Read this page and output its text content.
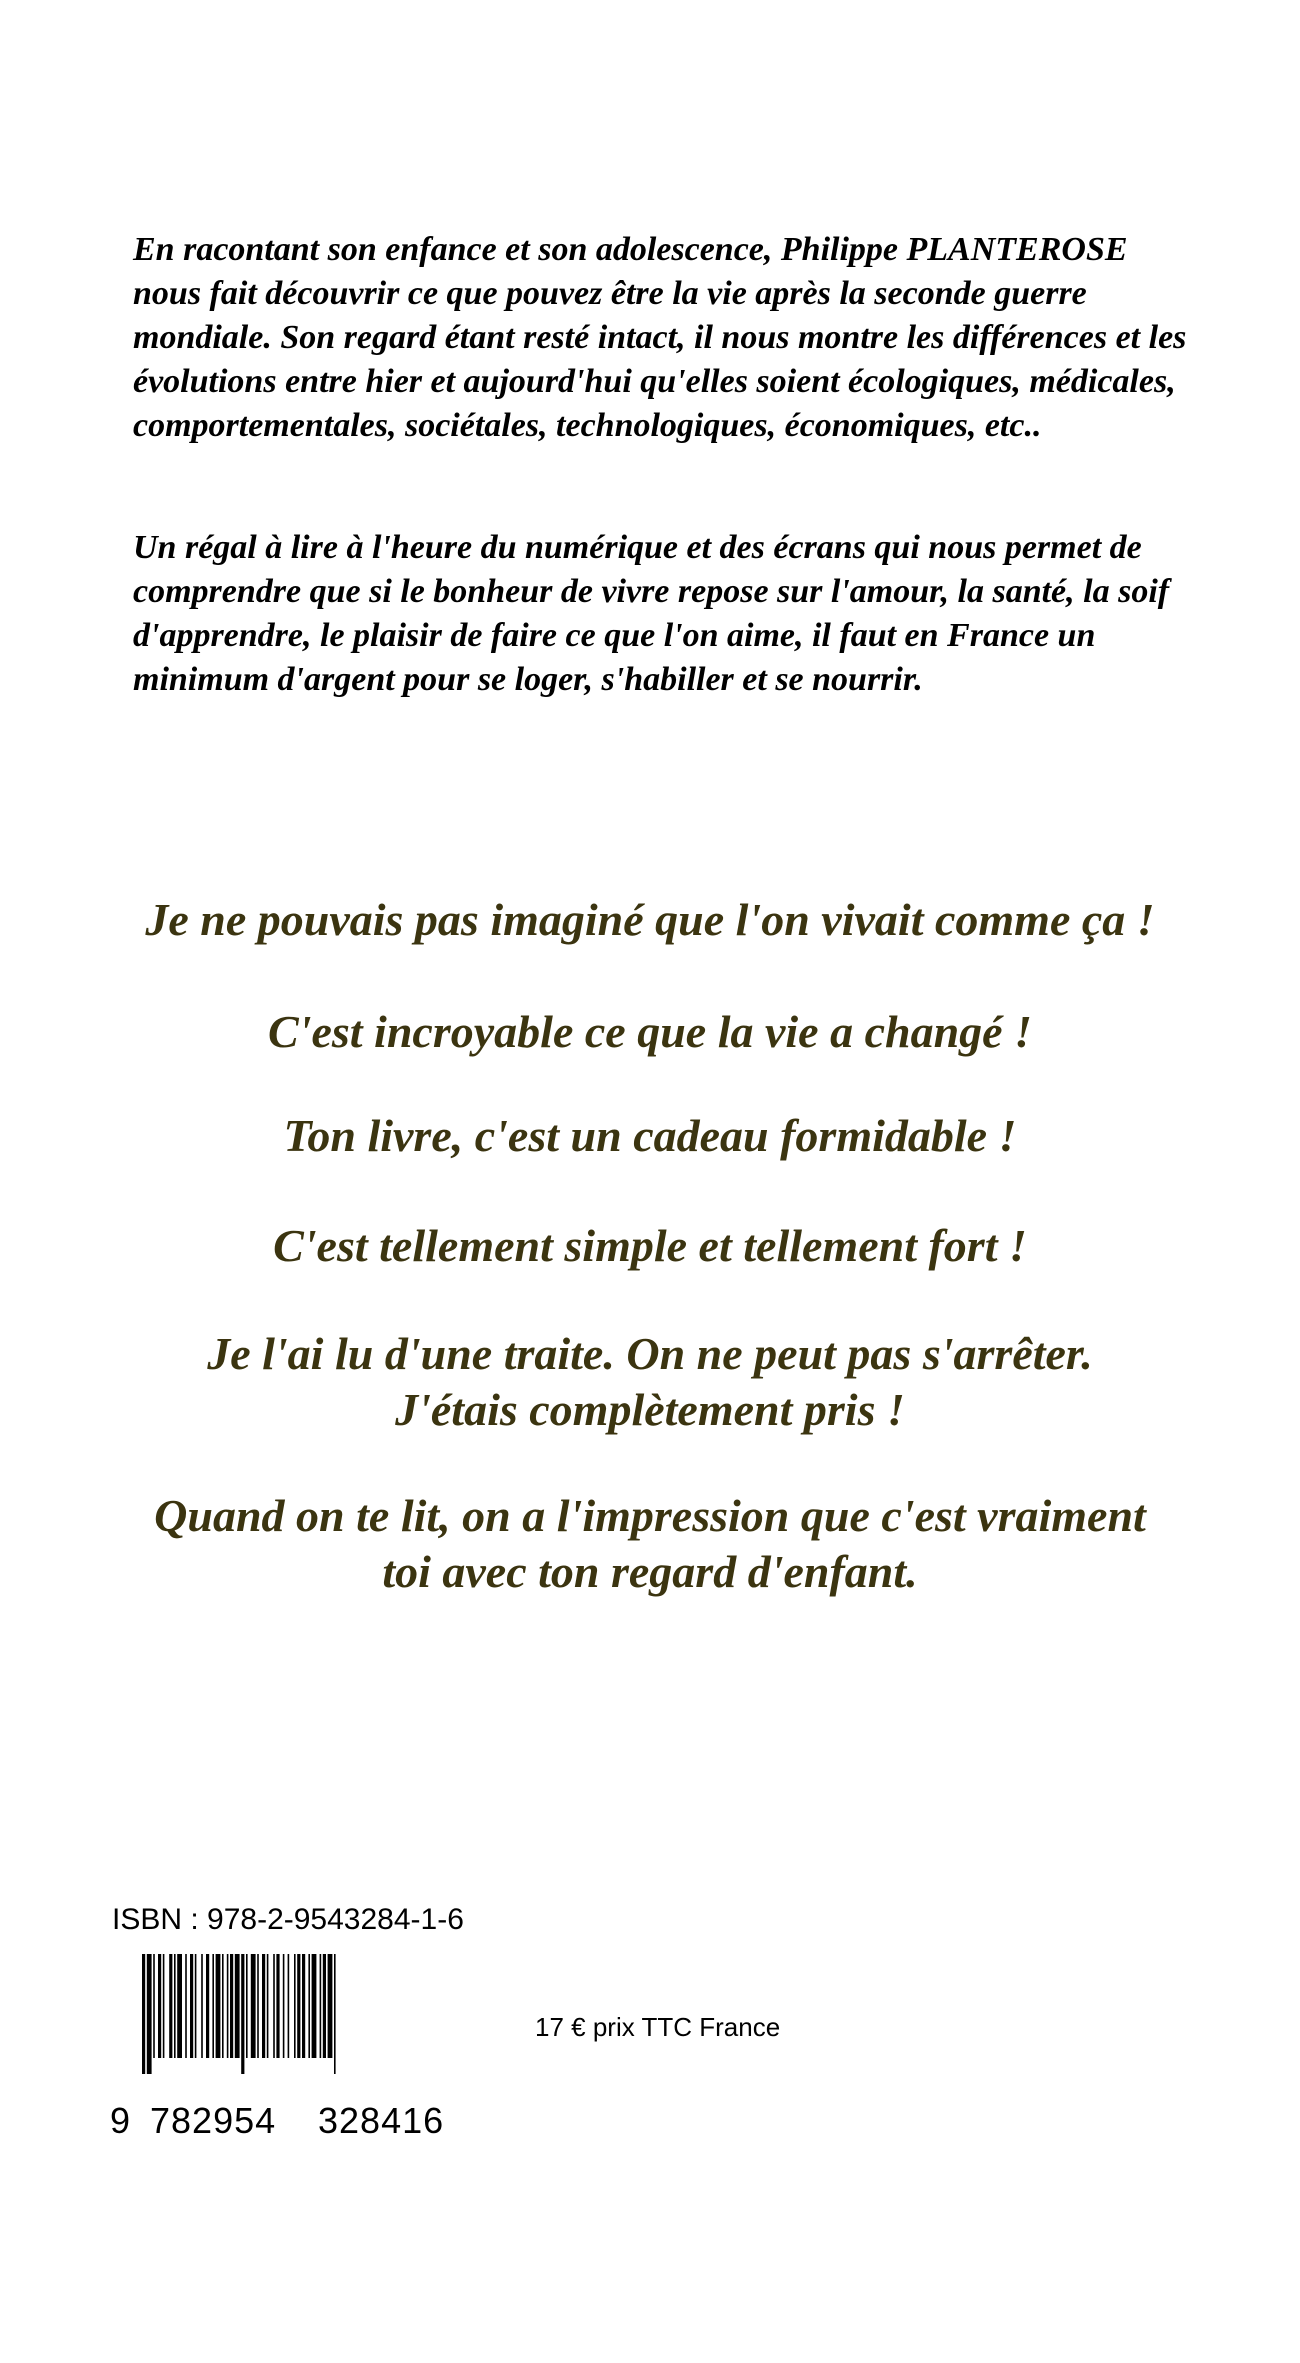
En racontant son enfance et son adolescence, Philippe PLANTEROSE nous fait découvrir ce que pouvez être la vie après la seconde guerre mondiale. Son regard étant resté intact, il nous montre les différences et les évolutions entre hier et aujourd'hui qu'elles soient écologiques, médicales, comportementales, sociétales, technologiques, économiques, etc..

Un régal à lire à l'heure du numérique et des écrans qui nous permet de comprendre que si le bonheur de vivre repose sur l'amour, la santé, la soif d'apprendre, le plaisir de faire ce que l'on aime, il faut en France un minimum d'argent pour se loger, s'habiller et se nourrir.

Je ne pouvais pas imaginé que l'on vivait comme ça !

C'est incroyable ce que la vie a changé !

Ton livre, c'est un cadeau formidable !

C'est tellement simple et tellement fort !

Je l'ai lu d'une traite. On ne peut pas s'arrêter.
J'étais complètement pris !

Quand on te lit, on a l'impression que c'est vraiment
toi avec ton regard d'enfant.

ISBN : 978-2-9543284-1-6

9 782954 328416

17 € prix TTC France
